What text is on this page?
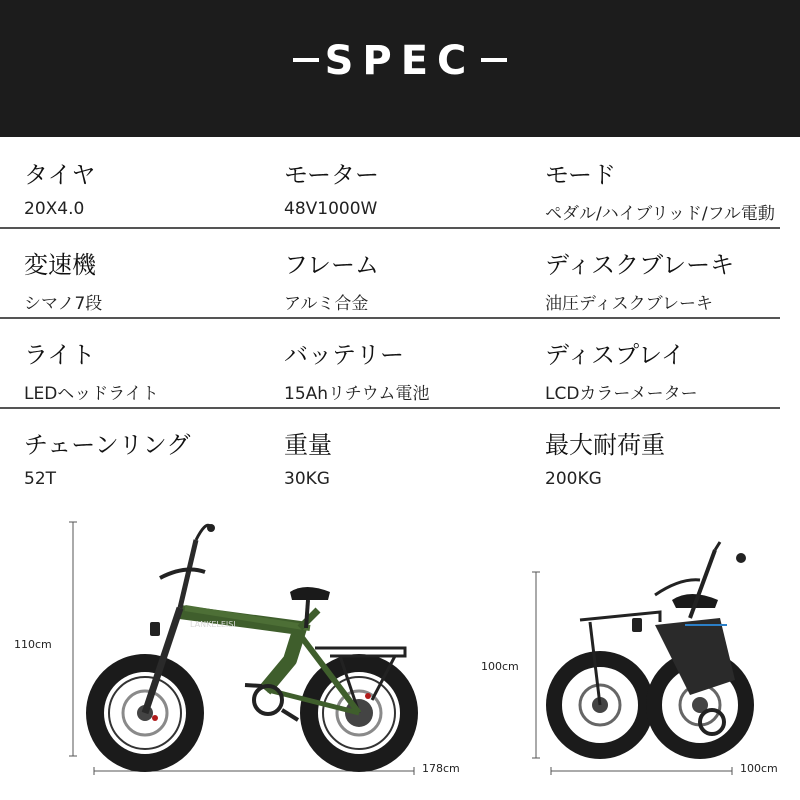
SPEC
タイヤ
20X4.0
モーター
48V1000W
モード
ペダル/ハイブリッド/フル電動
変速機
シマノ7段
フレーム
アルミ合金
ディスクブレーキ
油圧ディスクブレーキ
ライト
LEDヘッドライト
バッテリー
15Ahリチウム電池
ディスプレイ
LCDカラーメーター
チェーンリング
52T
重量
30KG
最大耐荷重
200KG
LANKELEISI
110cm
178cm
100cm
100cm
